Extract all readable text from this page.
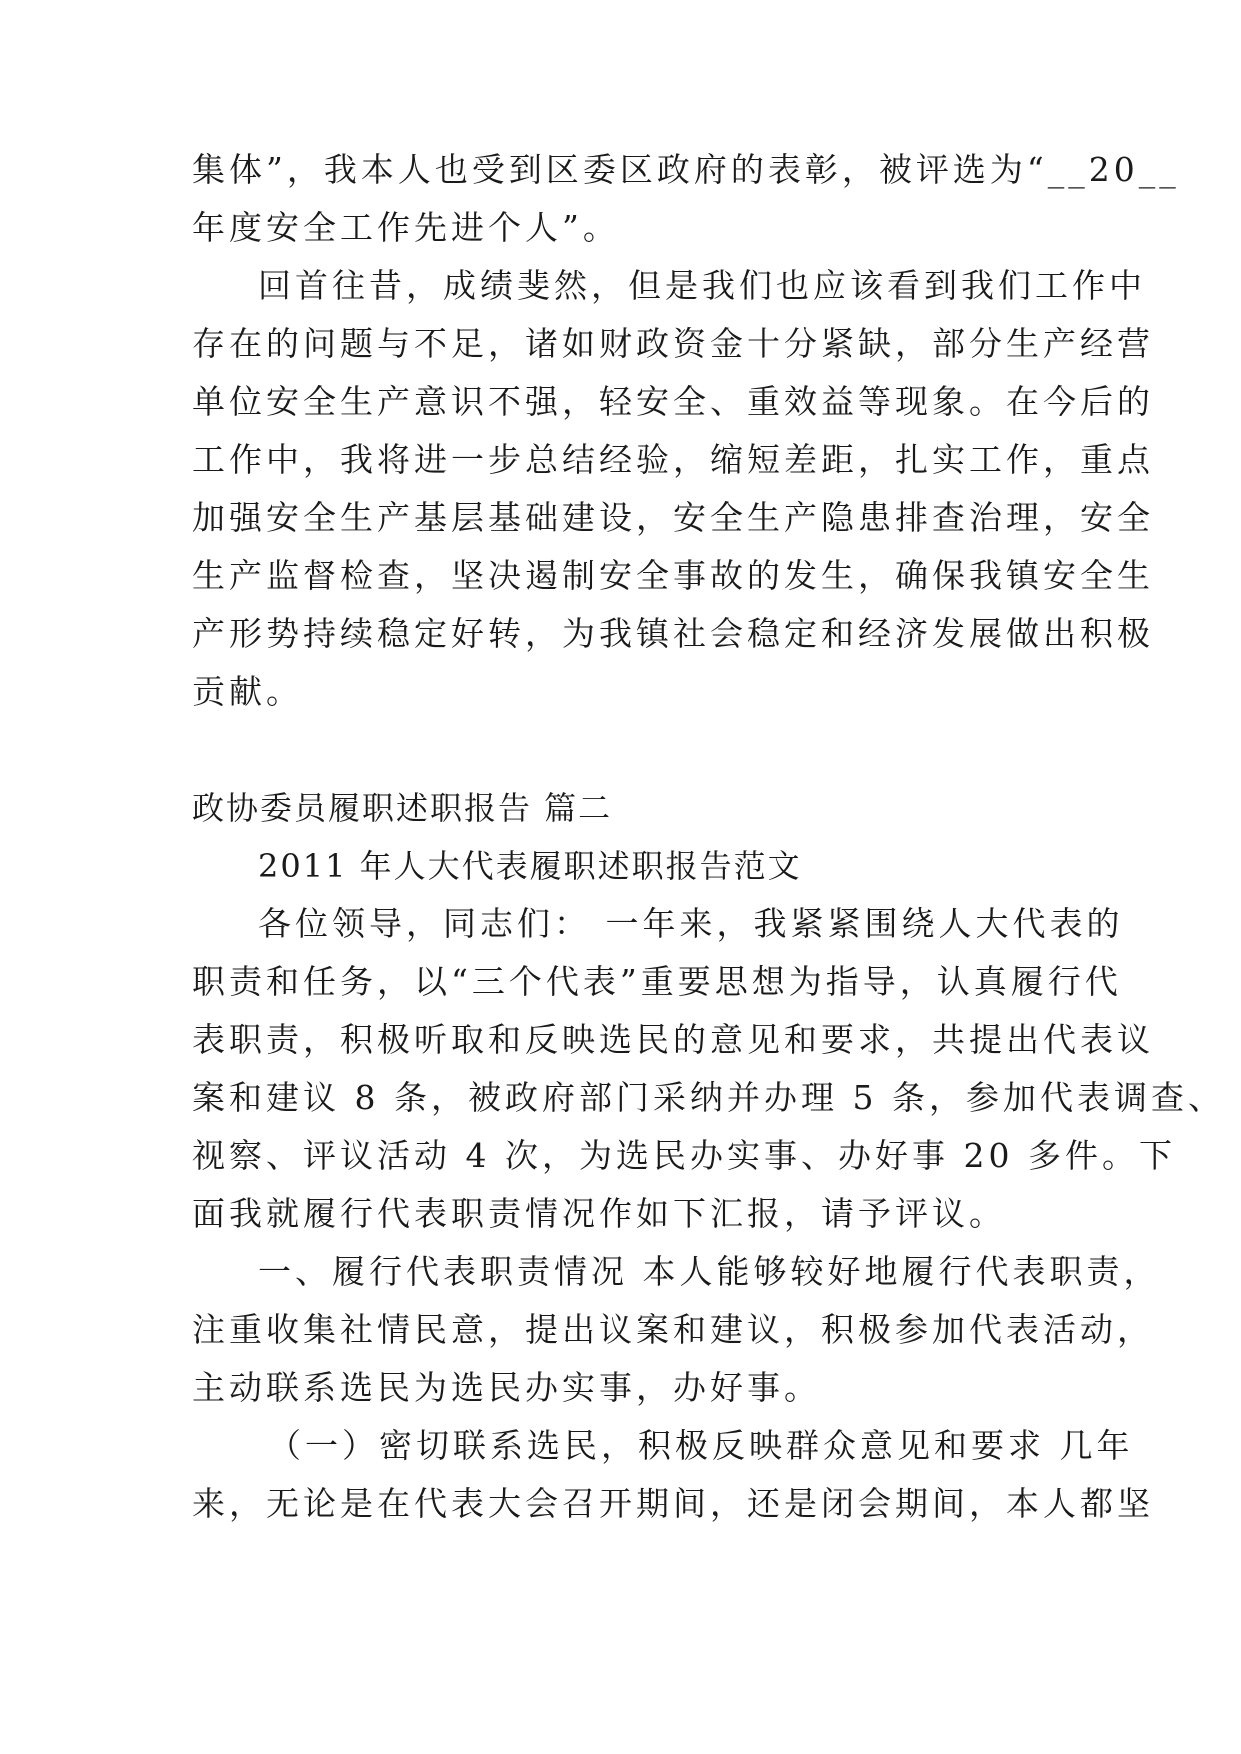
集体”，我本人也受到区委区政府的表彰，被评选为“__20__
年度安全工作先进个人”。
回首往昔，成绩斐然，但是我们也应该看到我们工作中
存在的问题与不足，诸如财政资金十分紧缺，部分生产经营
单位安全生产意识不强，轻安全、重效益等现象。在今后的
工作中，我将进一步总结经验，缩短差距，扎实工作，重点
加强安全生产基层基础建设，安全生产隐患排查治理，安全
生产监督检查，坚决遏制安全事故的发生，确保我镇安全生
产形势持续稳定好转，为我镇社会稳定和经济发展做出积极
贡献。
政协委员履职述职报告 篇二
2011 年人大代表履职述职报告范文
各位领导，同志们： 一年来，我紧紧围绕人大代表的
职责和任务，以“三个代表”重要思想为指导，认真履行代
表职责，积极听取和反映选民的意见和要求，共提出代表议
案和建议 8 条，被政府部门采纳并办理 5 条，参加代表调查、
视察、评议活动 4 次，为选民办实事、办好事 20 多件。下
面我就履行代表职责情况作如下汇报，请予评议。
一、履行代表职责情况 本人能够较好地履行代表职责，
注重收集社情民意，提出议案和建议，积极参加代表活动，
主动联系选民为选民办实事，办好事。
（一）密切联系选民，积极反映群众意见和要求 几年
来，无论是在代表大会召开期间，还是闭会期间，本人都坚
